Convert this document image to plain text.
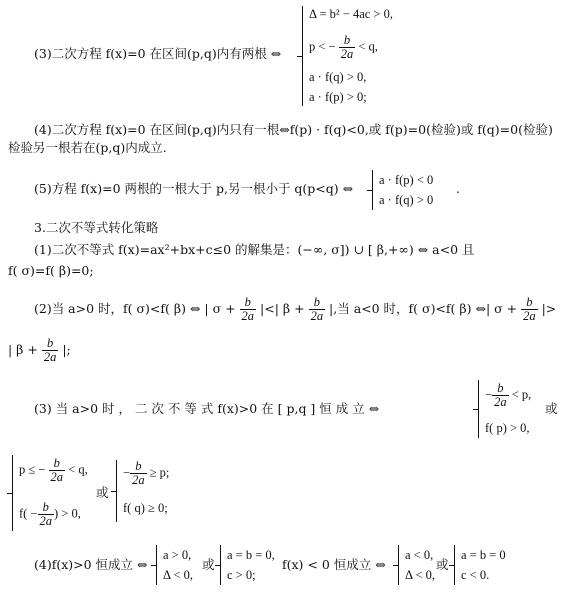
(3)二次方程 f(x)=0 在区间(p,q)内有两根 ⇔
Δ = b² − 4ac > 0,
p < − $\frac{b}{2a} < q$,
a · f(q) > 0,
a · f(p) > 0;
(4)二次方程 f(x)=0 在区间(p,q)内只有一根⇔f(p) · f(q)<0,或 f(p)=0(检验)或 f(q)=0(检验)
检验另一根若在(p,q)内成立.
(5)方程 f(x)=0 两根的一根大于 p,另一根小于 q(p<q) ⇔
a · f(p) < 0
a · f(q) > 0
.
3.二次不等式转化策略
(1)二次不等式 f(x)=ax²+bx+c≤0 的解集是：(−∞, σ]) ∪ [ β,+∞) ⇔ a<0 且
f( σ)=f( β)=0;
(2)当 a>0 时，f( σ)<f( β) ⇔ | $\sigma + \frac{b}{2a}$ |<| $\beta + \frac{b}{2a}$ |,当 a<0 时，f( σ)<f( β) ⇔| $\sigma + \frac{b}{2a}$ |>
| $\beta + \frac{b}{2a}$ |;
(3) 当 a>0 时 ， 二 次 不 等 式 f(x)>0 在 [ p,q ] 恒 成 立 ⇔
− $\frac{b}{2a} < p$,
f( p) > 0,
或
p ≤ − $\frac{b}{2a} < q$,
$f( - \frac{b}{2a}$ ) > 0,
或
− $\frac{b}{2a} \ge p$;
f( q) ≥ 0;
(4)f(x)>0 恒成立 ⇔
a > 0,
Δ < 0,
或
a = b = 0,
c > 0;
f(x) < 0 恒成立 ⇔
a < 0,
Δ < 0,
或
a = b = 0
c < 0.
